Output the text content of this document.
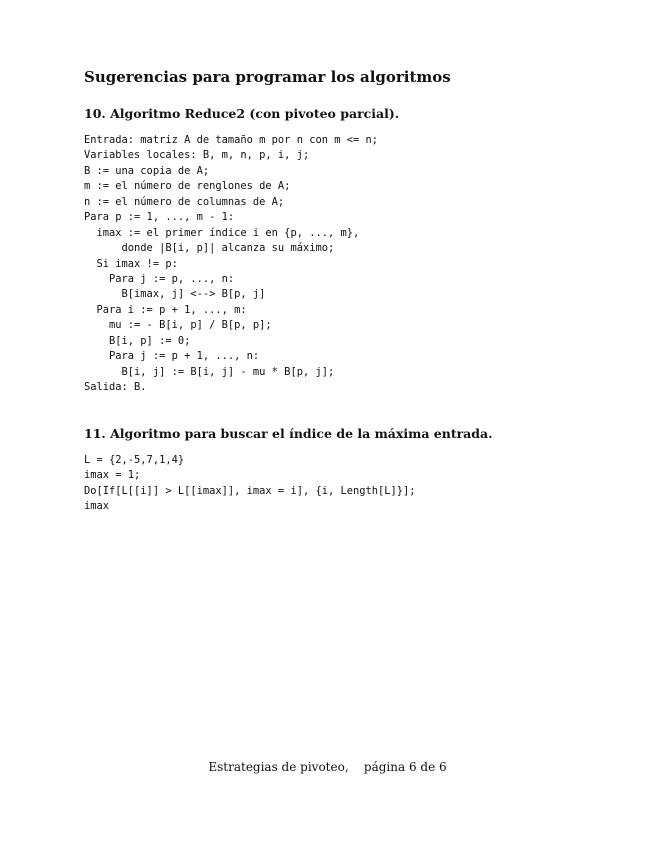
Sugerencias para programar los algoritmos
10. Algoritmo Reduce2 (con pivoteo parcial).
Entrada: matriz A de tamaño m por n con m <= n;
Variables locales: B, m, n, p, i, j;
B := una copia de A;
m := el número de renglones de A;
n := el número de columnas de A;
Para p := 1, ..., m - 1:
imax := el primer índice i en {p, ..., m},
donde |B[i, p]| alcanza su máximo;
Si imax != p:
Para j := p, ..., n:
B[imax, j] <--> B[p, j]
Para i := p + 1, ..., m:
mu := - B[i, p] / B[p, p];
B[i, p] := 0;
Para j := p + 1, ..., n:
B[i, j] := B[i, j] - mu * B[p, j];
Salida: B.
11. Algoritmo para buscar el índice de la máxima entrada.
L = {2,-5,7,1,4}
imax = 1;
Do[If[L[[i]] > L[[imax]], imax = i], {i, Length[L]}];
imax
Estrategias de pivoteo,    página 6 de 6
